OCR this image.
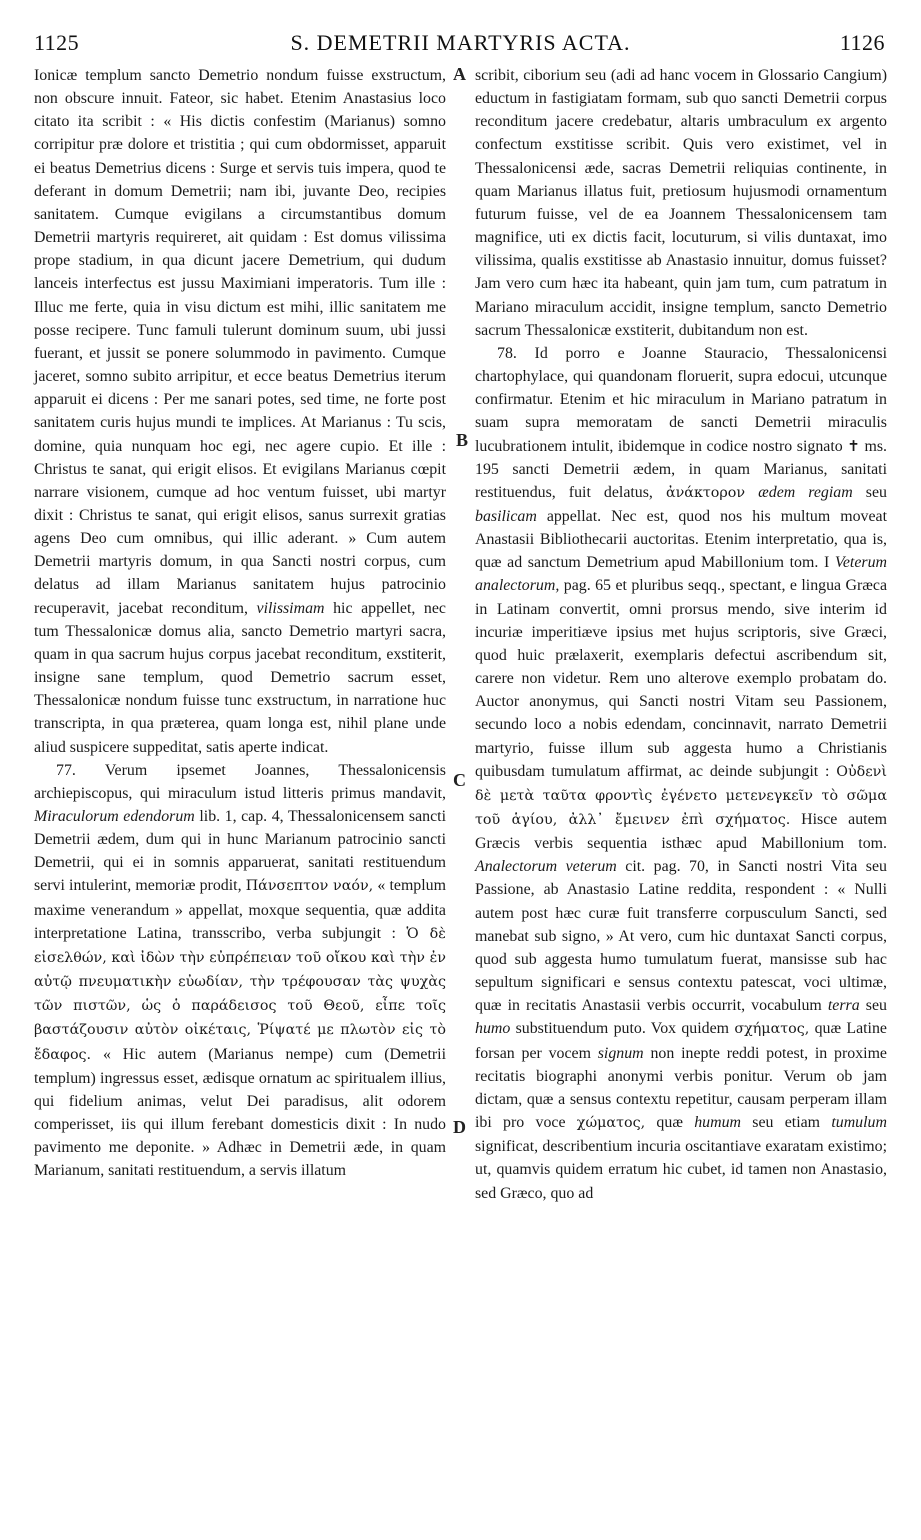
1125	S. DEMETRII MARTYRIS ACTA.	1126
A
B
C
D

Ionicæ templum sancto Demetrio nondum fuisse exstructum, non obscure innuit. Fateor, sic habet. Etenim Anastasius loco citato ita scribit : « His dictis confestim (Marianus) somno corripitur præ dolore et tristitia ; qui cum obdormisset, apparuit ei beatus Demetrius dicens : Surge et servis tuis impera, quod te deferant in domum Demetrii; nam ibi, juvante Deo, recipies sanitatem. Cumque evigilans a circumstantibus domum Demetrii martyris requireret, ait quidam : Est domus vilissima prope stadium, in qua dicunt jacere Demetrium, qui dudum lanceis interfectus est jussu Maximiani imperatoris. Tum ille : Illuc me ferte, quia in visu dictum est mihi, illic sanitatem me posse recipere. Tunc famuli tulerunt dominum suum, ubi jussi fuerant, et jussit se ponere solummodo in pavimento. Cumque jaceret, somno subito arripitur, et ecce beatus Demetrius iterum apparuit ei dicens : Per me sanari potes, sed time, ne forte post sanitatem curis hujus mundi te implices. At Marianus : Tu scis, domine, quia nunquam hoc egi, nec agere cupio. Et ille : Christus te sanat, qui erigit elisos. Et evigilans Marianus cœpit narrare visionem, cumque ad hoc ventum fuisset, ubi martyr dixit : Christus te sanat, qui erigit elisos, sanus surrexit gratias agens Deo cum omnibus, qui illic aderant. » Cum autem Demetrii martyris domum, in qua Sancti nostri corpus, cum delatus ad illam Marianus sanitatem hujus patrocinio recuperavit, jacebat reconditum, vilissimam hic appellet, nec tum Thessalonicæ domus alia, sancto Demetrio martyri sacra, quam in qua sacrum hujus corpus jacebat reconditum, exstiterit, insigne sane templum, quod Demetrio sacrum esset, Thessalonicæ nondum fuisse tunc exstructum, in narratione huc transcripta, in qua præterea, quam longa est, nihil plane unde aliud suspicere suppeditat, satis aperte indicat.

77. Verum ipsemet Joannes, Thessalonicensis archiepiscopus, qui miraculum istud litteris primus mandavit, Miraculorum edendorum lib. 1, cap. 4, Thessalonicensem sancti Demetrii ædem, dum qui in hunc Marianum patrocinio sancti Demetrii, qui ei in somnis apparuerat, sanitati restituendum servi intulerint, memoriæ prodit, Πάνσεπτον ναόν, « templum maxime venerandum » appellat, moxque sequentia, quæ addita interpretatione Latina, transscribo, verba subjungit : Ὁ δὲ εἰσελθών, καὶ ἰδὼν τὴν εὐπρέπειαν τοῦ οἴκου καὶ τὴν ἐν αὐτῷ πνευματικὴν εὐωδίαν, τὴν τρέφουσαν τὰς ψυχὰς τῶν πιστῶν, ὡς ὁ παράδεισος τοῦ Θεοῦ, εἶπε τοῖς βαστάζουσιν αὐτὸν οἰκέταις, Ῥίψατέ με πλωτὸν εἰς τὸ ἔδαφος. « Hic autem (Marianus nempe) cum (Demetrii templum) ingressus esset, ædisque ornatum ac spiritualem illius, qui fidelium animas, velut Dei paradisus, alit odorem comperisset, iis qui illum ferebant domesticis dixit : In nudo pavimento me deponite. » Adhæc in Demetrii æde, in quam Marianum, sanitati restituendum, a servis illatum

scribit, ciborium seu (adi ad hanc vocem in Glossario Cangium) eductum in fastigiatam formam, sub quo sancti Demetrii corpus reconditum jacere credebatur, altaris umbraculum ex argento confectum exstitisse scribit. Quis vero existimet, vel in Thessalonicensi æde, sacras Demetrii reliquias continente, in quam Marianus illatus fuit, pretiosum hujusmodi ornamentum futurum fuisse, vel de ea Joannem Thessalonicensem tam magnifice, uti ex dictis facit, locuturum, si vilis duntaxat, imo vilissima, qualis exstitisse ab Anastasio innuitur, domus fuisset? Jam vero cum hæc ita habeant, quin jam tum, cum patratum in Mariano miraculum accidit, insigne templum, sancto Demetrio sacrum Thessalonicæ exstiterit, dubitandum non est.

78. Id porro e Joanne Stauracio, Thessalonicensi chartophylace, qui quandonam floruerit, supra edocui, utcunque confirmatur. Etenim et hic miraculum in Mariano patratum in suam supra memoratam de sancti Demetrii miraculis lucubrationem intulit, ibidemque in codice nostro signato ✝ ms. 195 sancti Demetrii ædem, in quam Marianus, sanitati restituendus, fuit delatus, ἀνάκτορον ædem regiam seu basilicam appellat. Nec est, quod nos his multum moveat Anastasii Bibliothecarii auctoritas. Etenim interpretatio, qua is, quæ ad sanctum Demetrium apud Mabillonium tom. I Veterum analectorum, pag. 65 et pluribus seqq., spectant, e lingua Græca in Latinam convertit, omni prorsus mendo, sive interim id incuriæ imperitiæve ipsius met hujus scriptoris, sive Græci, quod huic prælaxerit, exemplaris defectui ascribendum sit, carere non videtur. Rem uno alterove exemplo probatam do. Auctor anonymus, qui Sancti nostri Vitam seu Passionem, secundo loco a nobis edendam, concinnavit, narrato Demetrii martyrio, fuisse illum sub aggesta humo a Christianis quibusdam tumulatum affirmat, ac deinde subjungit : Οὐδενὶ δὲ μετὰ ταῦτα φροντὶς ἐγένετο μετενεγκεῖν τὸ σῶμα τοῦ ἁγίου, ἀλλ᾽ ἔμεινεν ἐπὶ σχήματος. Hisce autem Græcis verbis sequentia isthæc apud Mabillonium tom. Analectorum veterum cit. pag. 70, in Sancti nostri Vita seu Passione, ab Anastasio Latine reddita, respondent : « Nulli autem post hæc curæ fuit transferre corpusculum Sancti, sed manebat sub signo, » At vero, cum hic duntaxat Sancti corpus, quod sub aggesta humo tumulatum fuerat, mansisse sub hac sepultum significari e sensus contextu patescat, voci ultimæ, quæ in recitatis Anastasii verbis occurrit, vocabulum terra seu humo substituendum puto. Vox quidem σχήματος, quæ Latine forsan per vocem signum non inepte reddi potest, in proxime recitatis biographi anonymi verbis ponitur. Verum ob jam dictam, quæ a sensus contextu repetitur, causam perperam illam ibi pro voce χώματος, quæ humum seu etiam tumulum significat, describentium incuria oscitantiave exaratam existimo; ut, quamvis quidem erratum hic cubet, id tamen non Anastasio, sed Græco, quo ad
